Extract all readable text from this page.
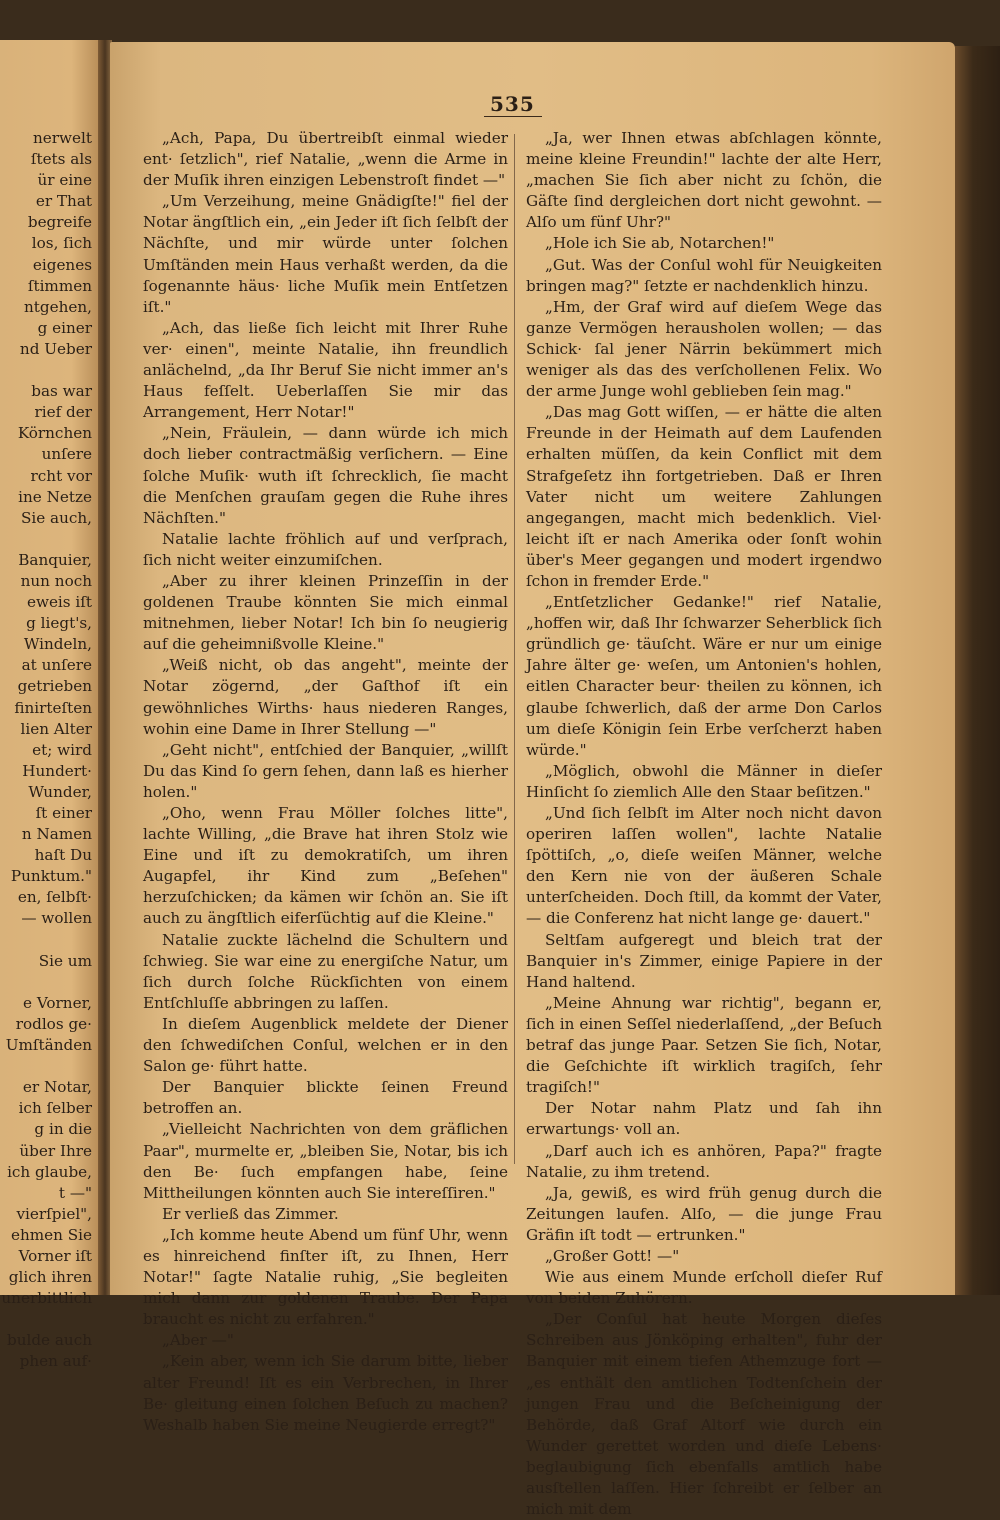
nerwelt
ſtets als
ür eine
er That
begreife
los, ſich
eigenes
ſtimmen
ntgehen,
g einer
nd Ueber

bas war
rief der
Körnchen
unſere
rcht vor
ine Netze
Sie auch,

Banquier,
nun noch
eweis iſt
g liegt's,
Windeln,
at unſere
getrieben
finirteſten
lien Alter
et; wird
Hundert·
Wunder,
ſt einer
n Namen
haſt Du
Punktum."
en, ſelbſt·
— wollen

Sie um

e Vorner,
rodlos ge·
Umſtänden

er Notar,
ich ſelber
g in die
über Ihre
ich glaube,
t —"
vierſpiel",
ehmen Sie
Vorner iſt
glich ihren
unerbittlich

bulde auch
phen auf·
535

„Ach, Papa, Du übertreibſt einmal wieder ent· ſetzlich", rief Natalie, „wenn die Arme in der Muſik ihren einzigen Lebenstroſt findet —"

„Um Verzeihung, meine Gnädigſte!" fiel der Notar ängſtlich ein, „ein Jeder iſt ſich ſelbſt der Nächſte, und mir würde unter ſolchen Umſtänden mein Haus verhaßt werden, da die ſogenannte häus· liche Muſik mein Entſetzen iſt."

„Ach, das ließe ſich leicht mit Ihrer Ruhe ver· einen", meinte Natalie, ihn freundlich anlächelnd, „da Ihr Beruf Sie nicht immer an's Haus feſſelt. Ueberlaſſen Sie mir das Arrangement, Herr Notar!"

„Nein, Fräulein, — dann würde ich mich doch lieber contractmäßig verſichern. — Eine ſolche Muſik· wuth iſt ſchrecklich, ſie macht die Menſchen grauſam gegen die Ruhe ihres Nächſten."

Natalie lachte fröhlich auf und verſprach, ſich nicht weiter einzumiſchen.

„Aber zu ihrer kleinen Prinzeſſin in der goldenen Traube könnten Sie mich einmal mitnehmen, lieber Notar! Ich bin ſo neugierig auf die geheimnißvolle Kleine."

„Weiß nicht, ob das angeht", meinte der Notar zögernd, „der Gaſthof iſt ein gewöhnliches Wirths· haus niederen Ranges, wohin eine Dame in Ihrer Stellung —"

„Geht nicht", entſchied der Banquier, „willſt Du das Kind ſo gern ſehen, dann laß es hierher holen."

„Oho, wenn Frau Möller ſolches litte", lachte Willing, „die Brave hat ihren Stolz wie Eine und iſt zu demokratiſch, um ihren Augapfel, ihr Kind zum „Beſehen" herzuſchicken; da kämen wir ſchön an. Sie iſt auch zu ängſtlich eiferſüchtig auf die Kleine."

Natalie zuckte lächelnd die Schultern und ſchwieg. Sie war eine zu energiſche Natur, um ſich durch ſolche Rückſichten von einem Entſchluſſe abbringen zu laſſen.

In dieſem Augenblick meldete der Diener den ſchwediſchen Conſul, welchen er in den Salon ge· führt hatte.

Der Banquier blickte ſeinen Freund betroffen an.

„Vielleicht Nachrichten von dem gräflichen Paar", murmelte er, „bleiben Sie, Notar, bis ich den Be· ſuch empfangen habe, ſeine Mittheilungen könnten auch Sie intereſſiren."

Er verließ das Zimmer.

„Ich komme heute Abend um fünf Uhr, wenn es hinreichend finſter iſt, zu Ihnen, Herr Notar!" ſagte Natalie ruhig, „Sie begleiten mich dann zur goldenen Traube. Der Papa braucht es nicht zu erfahren."

„Aber —"

„Kein aber, wenn ich Sie darum bitte, lieber alter Freund! Iſt es ein Verbrechen, in Ihrer Be· gleitung einen ſolchen Beſuch zu machen? Weshalb haben Sie meine Neugierde erregt?"

„Ja, wer Ihnen etwas abſchlagen könnte, meine kleine Freundin!" lachte der alte Herr, „machen Sie ſich aber nicht zu ſchön, die Gäſte ſind dergleichen dort nicht gewohnt. — Alſo um fünf Uhr?"

„Hole ich Sie ab, Notarchen!"

„Gut. Was der Conſul wohl für Neuigkeiten bringen mag?" ſetzte er nachdenklich hinzu.

„Hm, der Graf wird auf dieſem Wege das ganze Vermögen herausholen wollen; — das Schick· ſal jener Närrin bekümmert mich weniger als das des verſchollenen Felix. Wo der arme Junge wohl geblieben ſein mag."

„Das mag Gott wiſſen, — er hätte die alten Freunde in der Heimath auf dem Laufenden erhalten müſſen, da kein Conflict mit dem Strafgeſetz ihn fortgetrieben. Daß er Ihren Vater nicht um weitere Zahlungen angegangen, macht mich bedenklich. Viel· leicht iſt er nach Amerika oder ſonſt wohin über's Meer gegangen und modert irgendwo ſchon in fremder Erde."

„Entſetzlicher Gedanke!" rief Natalie, „hoffen wir, daß Ihr ſchwarzer Seherblick ſich gründlich ge· täuſcht. Wäre er nur um einige Jahre älter ge· weſen, um Antonien's hohlen, eitlen Character beur· theilen zu können, ich glaube ſchwerlich, daß der arme Don Carlos um dieſe Königin ſein Erbe verſcherzt haben würde."

„Möglich, obwohl die Männer in dieſer Hinſicht ſo ziemlich Alle den Staar beſitzen."

„Und ſich ſelbſt im Alter noch nicht davon operiren laſſen wollen", lachte Natalie ſpöttiſch, „o, dieſe weiſen Männer, welche den Kern nie von der äußeren Schale unterſcheiden. Doch ſtill, da kommt der Vater, — die Conferenz hat nicht lange ge· dauert."

Seltſam aufgeregt und bleich trat der Banquier in's Zimmer, einige Papiere in der Hand haltend.

„Meine Ahnung war richtig", begann er, ſich in einen Seſſel niederlaſſend, „der Beſuch betraf das junge Paar. Setzen Sie ſich, Notar, die Geſchichte iſt wirklich tragiſch, ſehr tragiſch!"

Der Notar nahm Platz und ſah ihn erwartungs· voll an.

„Darf auch ich es anhören, Papa?" fragte Natalie, zu ihm tretend.

„Ja, gewiß, es wird früh genug durch die Zeitungen laufen. Alſo, — die junge Frau Gräfin iſt todt — ertrunken."

„Großer Gott! —"

Wie aus einem Munde erſcholl dieſer Ruf von beiden Zuhörern.

„Der Conſul hat heute Morgen dieſes Schreiben aus Jönköping erhalten", fuhr der Banquier mit einem tiefen Athemzuge fort — „es enthält den amtlichen Todtenſchein der jungen Frau und die Beſcheinigung der Behörde, daß Graf Altorf wie durch ein Wunder gerettet worden und dieſe Lebens· beglaubigung ſich ebenfalls amtlich habe ausſtellen laſſen. Hier ſchreibt er ſelber an mich mit dem
